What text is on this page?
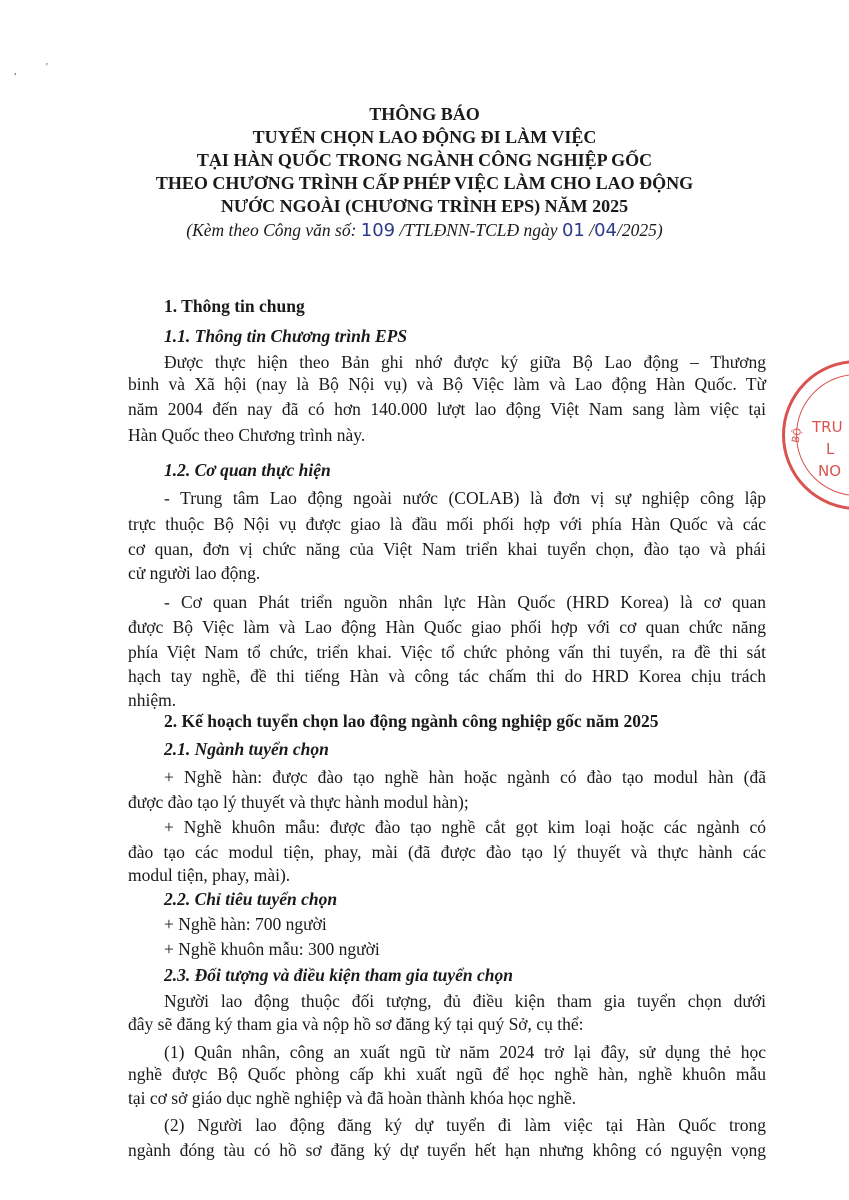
,	'
THÔNG BÁO
TUYỂN CHỌN LAO ĐỘNG ĐI LÀM VIỆC
TẠI HÀN QUỐC TRONG NGÀNH CÔNG NGHIỆP GỐC
THEO CHƯƠNG TRÌNH CẤP PHÉP VIỆC LÀM CHO LAO ĐỘNG
NƯỚC NGOÀI (CHƯƠNG TRÌNH EPS) NĂM 2025
(Kèm theo Công văn số: 109 /TTLĐNN-TCLĐ ngày 01 /04/2025)
1. Thông tin chung
1.1. Thông tin Chương trình EPS
Được thực hiện theo Bản ghi nhớ được ký giữa Bộ Lao động – Thương
binh và Xã hội (nay là Bộ Nội vụ) và Bộ Việc làm và Lao động Hàn Quốc. Từ
năm 2004 đến nay đã có hơn 140.000 lượt lao động Việt Nam sang làm việc tại
Hàn Quốc theo Chương trình này.
1.2. Cơ quan thực hiện
- Trung tâm Lao động ngoài nước (COLAB) là đơn vị sự nghiệp công lập
trực thuộc Bộ Nội vụ được giao là đầu mối phối hợp với phía Hàn Quốc và các
cơ quan, đơn vị chức năng của Việt Nam triển khai tuyển chọn, đào tạo và phái
cử người lao động.
- Cơ quan Phát triển nguồn nhân lực Hàn Quốc (HRD Korea) là cơ quan
được Bộ Việc làm và Lao động Hàn Quốc giao phối hợp với cơ quan chức năng
phía Việt Nam tổ chức, triển khai. Việc tổ chức phỏng vấn thi tuyển, ra đề thi sát
hạch tay nghề, đề thi tiếng Hàn và công tác chấm thi do HRD Korea chịu trách
nhiệm.
2. Kế hoạch tuyển chọn lao động ngành công nghiệp gốc năm 2025
2.1. Ngành tuyển chọn
+ Nghề hàn: được đào tạo nghề hàn hoặc ngành có đào tạo modul hàn (đã
được đào tạo lý thuyết và thực hành modul hàn);
+ Nghề khuôn mẫu: được đào tạo nghề cắt gọt kim loại hoặc các ngành có
đào tạo các modul tiện, phay, mài (đã được đào tạo lý thuyết và thực hành các
modul tiện, phay, mài).
2.2. Chỉ tiêu tuyển chọn
+ Nghề hàn: 700 người
+ Nghề khuôn mẫu: 300 người
2.3. Đối tượng và điều kiện tham gia tuyển chọn
Người lao động thuộc đối tượng, đủ điều kiện tham gia tuyển chọn dưới
đây sẽ đăng ký tham gia và nộp hồ sơ đăng ký tại quý Sở, cụ thể:
(1) Quân nhân, công an xuất ngũ từ năm 2024 trở lại đây, sử dụng thẻ học
nghề được Bộ Quốc phòng cấp khi xuất ngũ để học nghề hàn, nghề khuôn mẫu
tại cơ sở giáo dục nghề nghiệp và đã hoàn thành khóa học nghề.
(2) Người lao động đăng ký dự tuyển đi làm việc tại Hàn Quốc trong
ngành đóng tàu có hồ sơ đăng ký dự tuyển hết hạn nhưng không có nguyện vọng
BỘ TRU
L
NO
